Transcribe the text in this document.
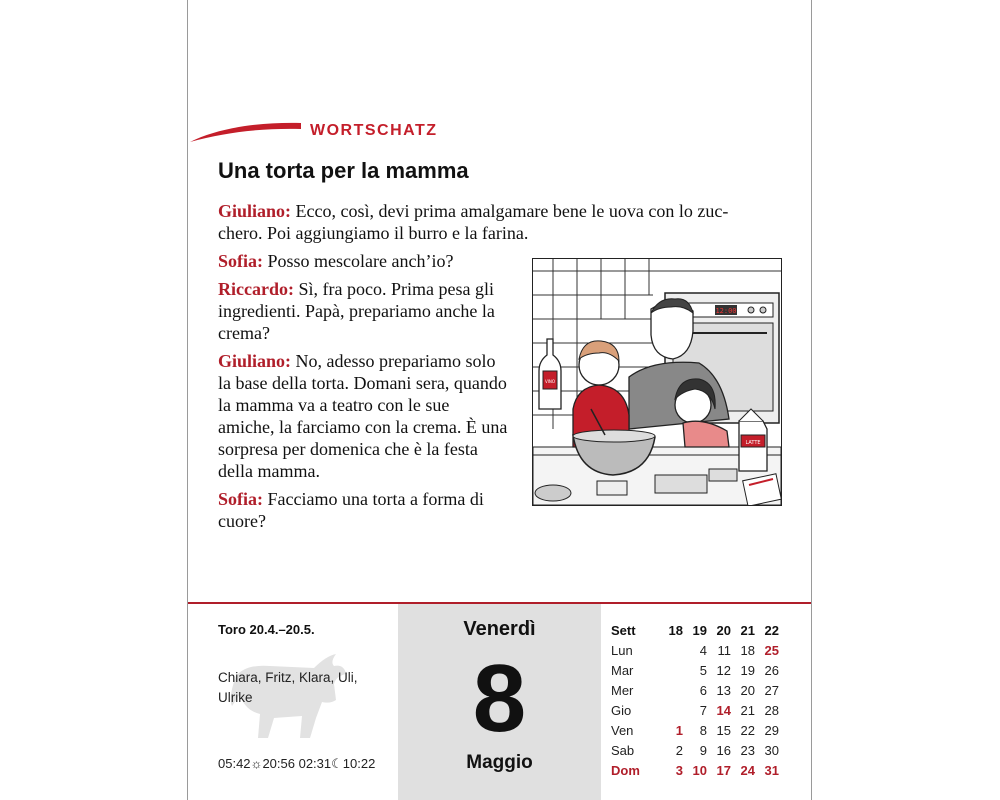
WORTSCHATZ
Una torta per la mamma

Giuliano: Ecco, così, devi prima amalgamare bene le uova con lo zucchero. Poi aggiungiamo il burro e la farina.

Sofia: Posso mescolare anch’io?

Riccardo: Sì, fra poco. Prima pesa gli ingredienti. Papà, prepariamo anche la crema?

Giuliano: No, adesso prepariamo solo la base della torta. Domani sera, quando la mamma va a teatro con le sue amiche, la farciamo con la crema. È una sorpresa per domenica che è la festa della mamma.

Sofia: Facciamo una torta a forma di cuore?

12:00
VINO
LATTE
Toro 20.4.–20.5.
Chiara, Fritz, Klara, Uli, Ulrike
05:42☼20:56 02:31☾10:22
Venerdì
8
Maggio
Sett	18	19	20	21	22
Lun		4	11	18	25
Mar		5	12	19	26
Mer		6	13	20	27
Gio		7	14	21	28
Ven	1	8	15	22	29
Sab	2	9	16	23	30
Dom	3	10	17	24	31
